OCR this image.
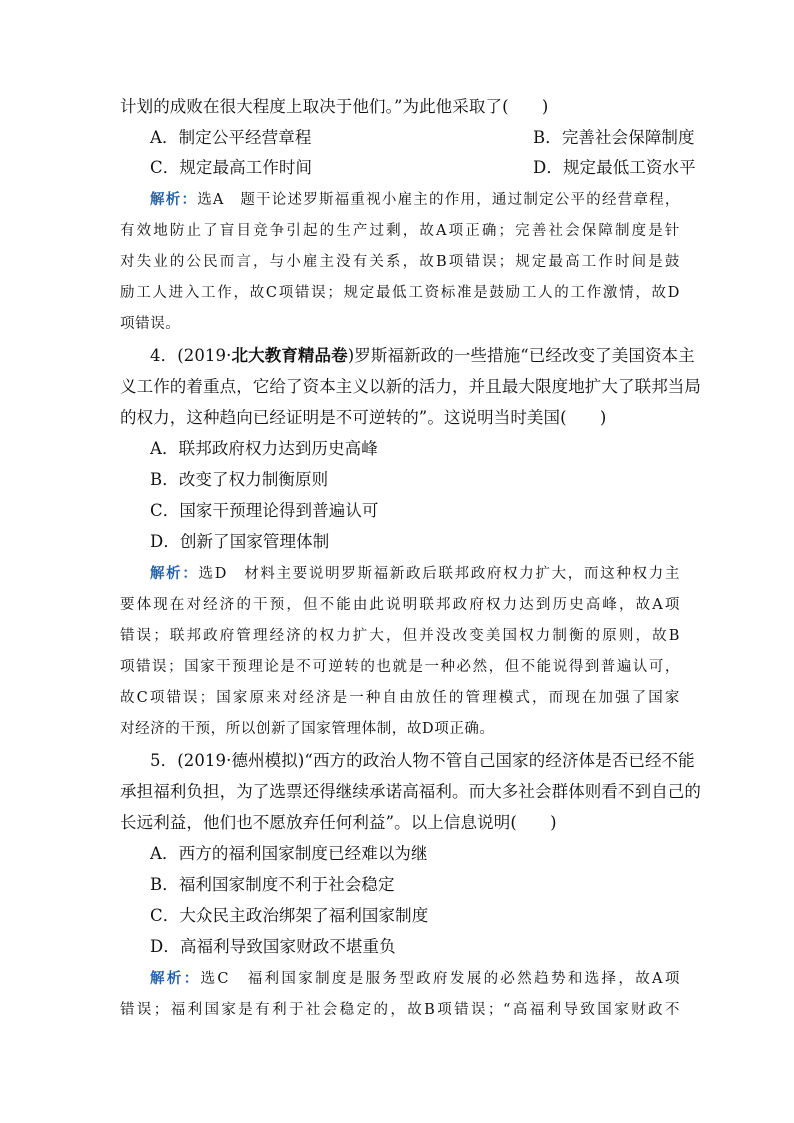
计划的成败在很大程度上取决于他们。”为此他采取了(　　)
A．制定公平经营章程	B．完善社会保障制度
C．规定最高工作时间	D．规定最低工资水平
解析：选A　题干论述罗斯福重视小雇主的作用，通过制定公平的经营章程，
有效地防止了盲目竞争引起的生产过剩，故A项正确；完善社会保障制度是针
对失业的公民而言，与小雇主没有关系，故B项错误；规定最高工作时间是鼓
励工人进入工作，故C项错误；规定最低工资标准是鼓励工人的工作激情，故D
项错误。
4．(2019·北大教育精品卷)罗斯福新政的一些措施“已经改变了美国资本主
义工作的着重点，它给了资本主义以新的活力，并且最大限度地扩大了联邦当局
的权力，这种趋向已经证明是不可逆转的”。这说明当时美国(　　)
A．联邦政府权力达到历史高峰
B．改变了权力制衡原则
C．国家干预理论得到普遍认可
D．创新了国家管理体制
解析：选D　材料主要说明罗斯福新政后联邦政府权力扩大，而这种权力主
要体现在对经济的干预，但不能由此说明联邦政府权力达到历史高峰，故A项
错误；联邦政府管理经济的权力扩大，但并没改变美国权力制衡的原则，故B
项错误；国家干预理论是不可逆转的也就是一种必然，但不能说得到普遍认可，
故C项错误；国家原来对经济是一种自由放任的管理模式，而现在加强了国家
对经济的干预，所以创新了国家管理体制，故D项正确。
5．(2019·德州模拟)“西方的政治人物不管自己国家的经济体是否已经不能
承担福利负担，为了选票还得继续承诺高福利。而大多社会群体则看不到自己的
长远利益，他们也不愿放弃任何利益”。以上信息说明(　　)
A．西方的福利国家制度已经难以为继
B．福利国家制度不利于社会稳定
C．大众民主政治绑架了福利国家制度
D．高福利导致国家财政不堪重负
解析：选C　福利国家制度是服务型政府发展的必然趋势和选择，故A项
错误；福利国家是有利于社会稳定的，故B项错误；“高福利导致国家财政不
